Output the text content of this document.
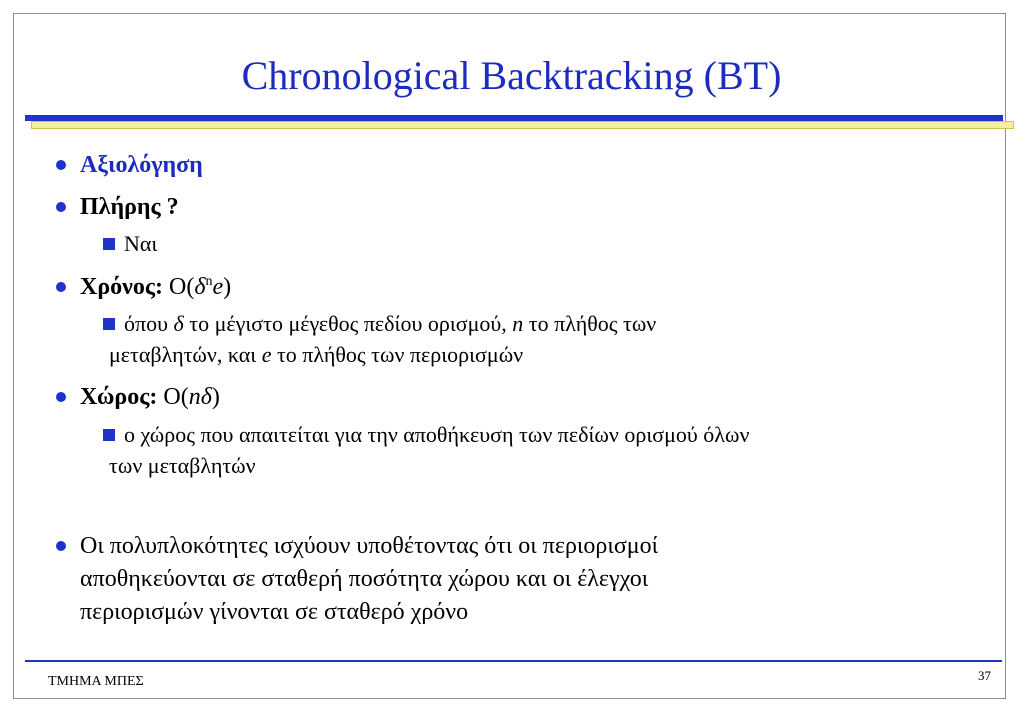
Chronological Backtracking (BT)
Αξιολόγηση
Πλήρης ?
Ναι
Χρόνος: $O(\delta^ne)$
όπου δ το μέγιστο μέγεθος πεδίου ορισμού, n το πλήθος των
μεταβλητών, και e το πλήθος των περιορισμών
Χώρος: O(nδ)
ο χώρος που απαιτείται για την αποθήκευση των πεδίων ορισμού όλων
των μεταβλητών
Οι πολυπλοκότητες ισχύουν υποθέτοντας ότι οι περιορισμοί
αποθηκεύονται σε σταθερή ποσότητα χώρου και οι έλεγχοι
περιορισμών γίνονται σε σταθερό χρόνο
ΤΜΗΜΑ ΜΠΕΣ	37
